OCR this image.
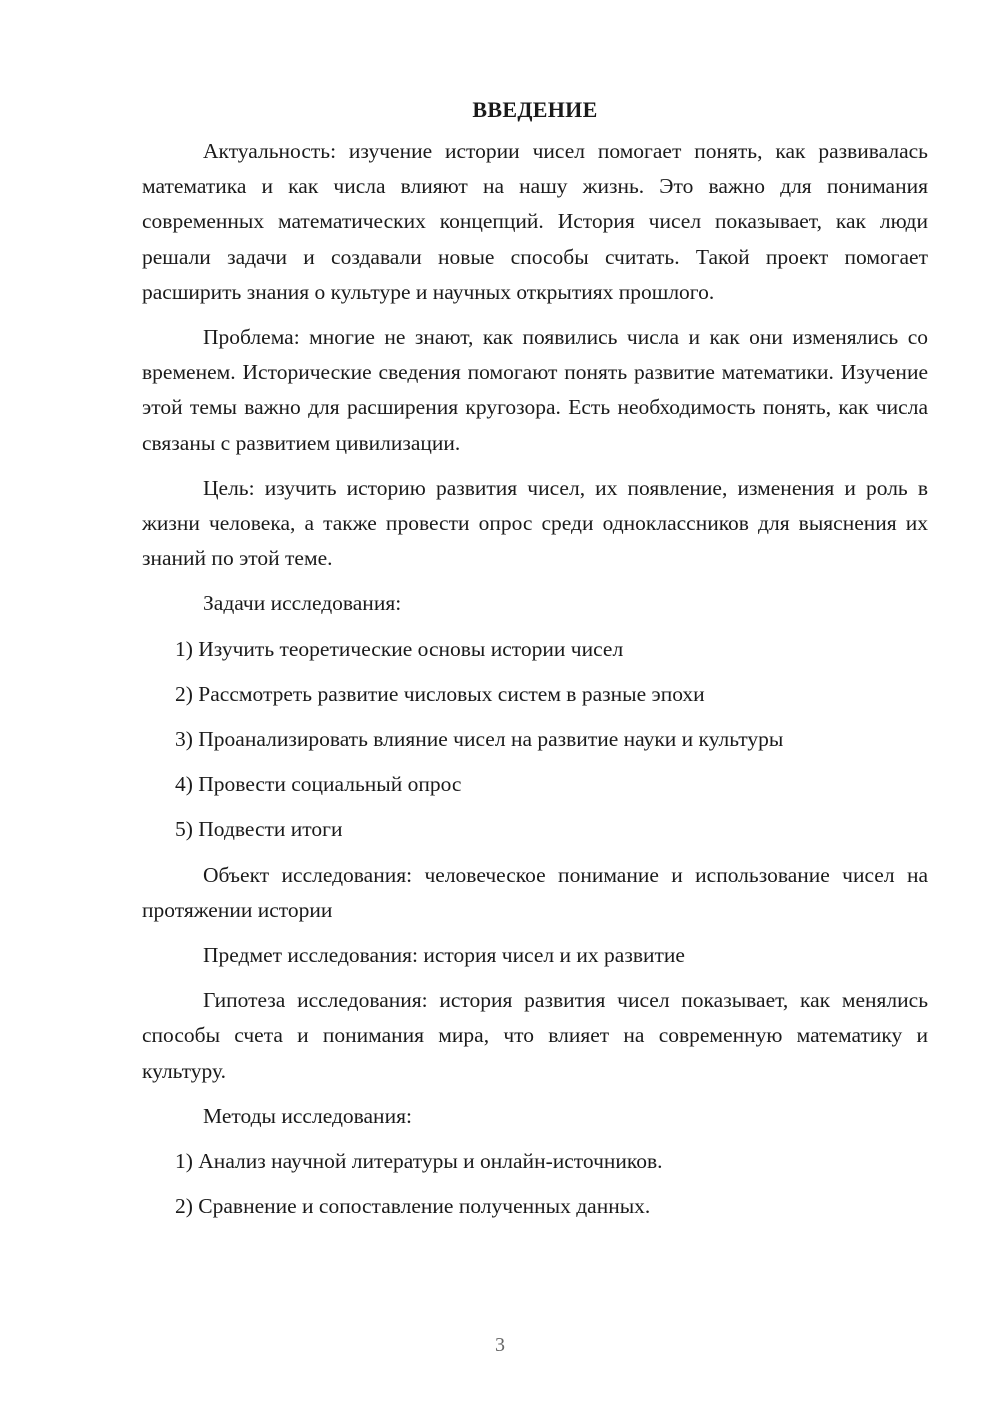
ВВЕДЕНИЕ

Актуальность: изучение истории чисел помогает понять, как развивалась математика и как числа влияют на нашу жизнь. Это важно для понимания современных математических концепций. История чисел показывает, как люди решали задачи и создавали новые способы считать. Такой проект помогает расширить знания о культуре и научных открытиях прошлого.

Проблема: многие не знают, как появились числа и как они изменялись со временем. Исторические сведения помогают понять развитие математики. Изучение этой темы важно для расширения кругозора. Есть необходимость понять, как числа связаны с развитием цивилизации.

Цель: изучить историю развития чисел, их появление, изменения и роль в жизни человека, а также провести опрос среди одноклассников для выяснения их знаний по этой теме.

Задачи исследования:

1) Изучить теоретические основы истории чисел
2) Рассмотреть развитие числовых систем в разные эпохи
3) Проанализировать влияние чисел на развитие науки и культуры
4) Провести социальный опрос
5) Подвести итоги

Объект исследования: человеческое понимание и использование чисел на протяжении истории

Предмет исследования: история чисел и их развитие

Гипотеза исследования: история развития чисел показывает, как менялись способы счета и понимания мира, что влияет на современную математику и культуру.

Методы исследования:

1) Анализ научной литературы и онлайн-источников.
2) Сравнение и сопоставление полученных данных.
3
